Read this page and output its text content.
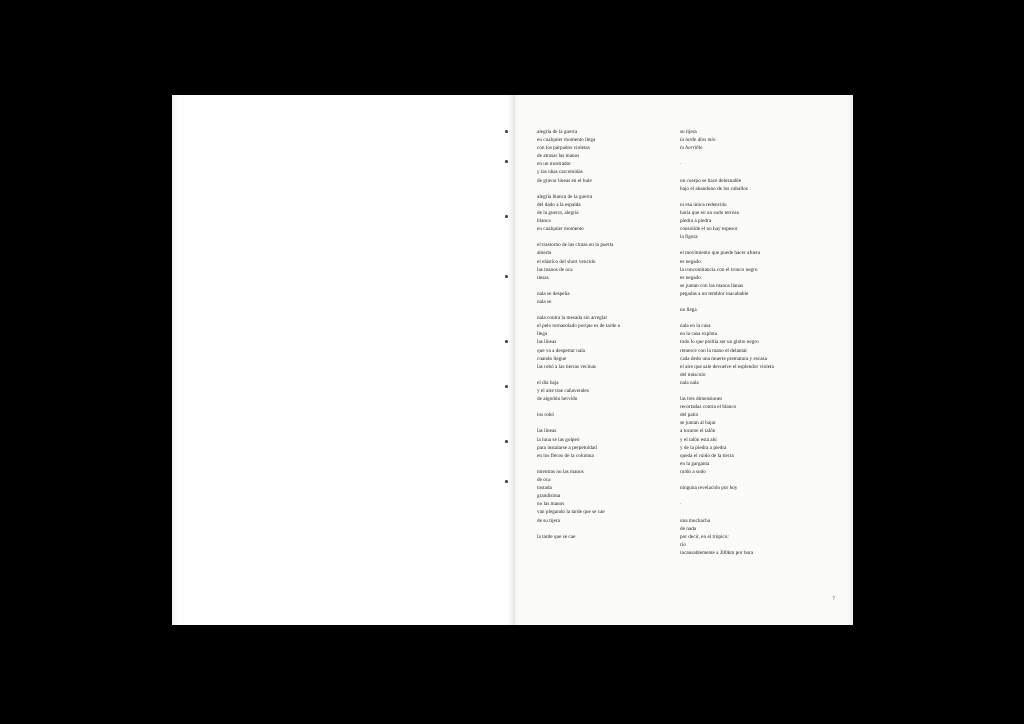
7

alegría de la guerra
en cualquier momento llega
con los párpados violetas
de atrasar las manos
en un mostrador
y las uñas carcomidas
de gravar líneas en el hule

alegría blanca de la guerra
del dado a la espalda
de la guerra, alegría
blanca
en cualquier momento

el trastorno de las cintas en la puerta
abierta
el elástico del short vencido
las manos de oca
tiesas

nala se despeña
nala se

nala contra la mesada sin arreglar
el pelo tornasolado porque es de tarde o
llega
las líneas
que va a despertar nala
cuando llegue
las robó a las tierras vecinas

el día baja
y el aire trae cañaverales
de algodón hervido

los robó

las líneas
la luna se las golpeó
para instalarse a perpetuidad
en los flecos de la columna

mientras no las manos
de oca
tostada
grandísima
no las manos
van plegando la tarde que se cae
de su tijera

la tarde que se cae

su tijera
la tarde dios mío
lo horrible

·

un cuerpo se hace deleznable
bajo el abandono de los caballos

ni esa única redención
haría que en un sudo terroso
piedra a piedra
consolide el no hay espesor
la figura

el movimiento que puede hacer afuera
es negado
la concomitancia con el tronco negro
es negado
se juntan con las manos llanas
pegadas a un temblor inacabable

no llega

nala en la casa
en la casa explota
todo lo que podría ser un globo negro
retuerce con la mano el delantal
cada dedo una muerte prematura y escasa
el aire que sale devuelve el esplendor violeta
del músculo
nala nala

las tres dimensiones
recortadas contra el blanco
del patio
se juntan al bajar
a tocarse el talón
y el talón está ahí
y de la piedra a piedra
queda el ruido de la tierra
en la garganta
ruido a sudo

ninguna revelación por hoy

·

una muchacha
de nada
por decir, en el trópico:
río
incansablemente a 200km por hora
